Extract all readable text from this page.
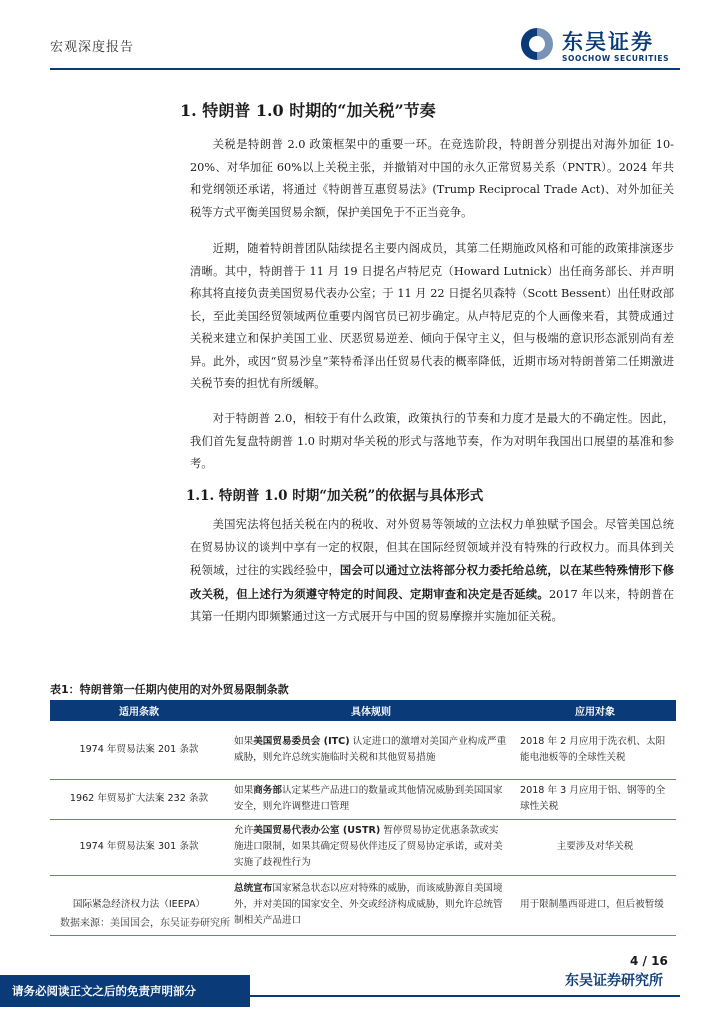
宏观深度报告	东吴证券
SOOCHOW SECURITIES
1. 特朗普 1.0 时期的“加关税”节奏

关税是特朗普 2.0 政策框架中的重要一环。在竞选阶段，特朗普分别提出对海外加征 10-20%、对华加征 60%以上关税主张，并撤销对中国的永久正常贸易关系（PNTR）。2024 年共和党纲领还承诺，将通过《特朗普互惠贸易法》(Trump Reciprocal Trade Act)、对外加征关税等方式平衡美国贸易余额，保护美国免于不正当竞争。

近期，随着特朗普团队陆续提名主要内阁成员，其第二任期施政风格和可能的政策排演逐步清晰。其中，特朗普于 11 月 19 日提名卢特尼克（Howard Lutnick）出任商务部长、并声明称其将直接负责美国贸易代表办公室；于 11 月 22 日提名贝森特（Scott Bessent）出任财政部长，至此美国经贸领域两位重要内阁官员已初步确定。从卢特尼克的个人画像来看，其赞成通过关税来建立和保护美国工业、厌恶贸易逆差、倾向于保守主义，但与极端的意识形态派别尚有差异。此外，或因“贸易沙皇”莱特希泽出任贸易代表的概率降低，近期市场对特朗普第二任期激进关税节奏的担忧有所缓解。

对于特朗普 2.0，相较于有什么政策，政策执行的节奏和力度才是最大的不确定性。因此，我们首先复盘特朗普 1.0 时期对华关税的形式与落地节奏，作为对明年我国出口展望的基准和参考。

1.1. 特朗普 1.0 时期“加关税”的依据与具体形式

美国宪法将包括关税在内的税收、对外贸易等领域的立法权力单独赋予国会。尽管美国总统在贸易协议的谈判中享有一定的权限，但其在国际经贸领域并没有特殊的行政权力。而具体到关税领域，过往的实践经验中，国会可以通过立法将部分权力委托给总统，以在某些特殊情形下修改关税，但上述行为须遵守特定的时间段、定期审查和决定是否延续。2017 年以来，特朗普在其第一任期内即频繁通过这一方式展开与中国的贸易摩擦并实施加征关税。

表1：特朗普第一任期内使用的对外贸易限制条款
适用条款	具体规则	应用对象
1974 年贸易法案 201 条款	如果美国贸易委员会 (ITC) 认定进口的激增对美国产业构成严重威胁，则允许总统实施临时关税和其他贸易措施	2018 年 2 月应用于洗衣机、太阳能电池板等的全球性关税
1962 年贸易扩大法案 232 条款	如果商务部认定某些产品进口的数量或其他情况威胁到美国国家安全，则允许调整进口管理	2018 年 3 月应用于铝、钢等的全球性关税
1974 年贸易法案 301 条款	允许美国贸易代表办公室 (USTR) 暂停贸易协定优惠条款或实施进口限制，如果其确定贸易伙伴违反了贸易协定承诺，或对美实施了歧视性行为	主要涉及对华关税
国际紧急经济权力法（IEEPA）	总统宣布国家紧急状态以应对特殊的威胁，而该威胁源自美国境外，并对美国的国家安全、外交或经济构成威胁，则允许总统管制相关产品进口	用于限制墨西哥进口，但后被暂缓
数据来源：美国国会，东吴证券研究所
4 / 16
请务必阅读正文之后的免责声明部分
东吴证券研究所
